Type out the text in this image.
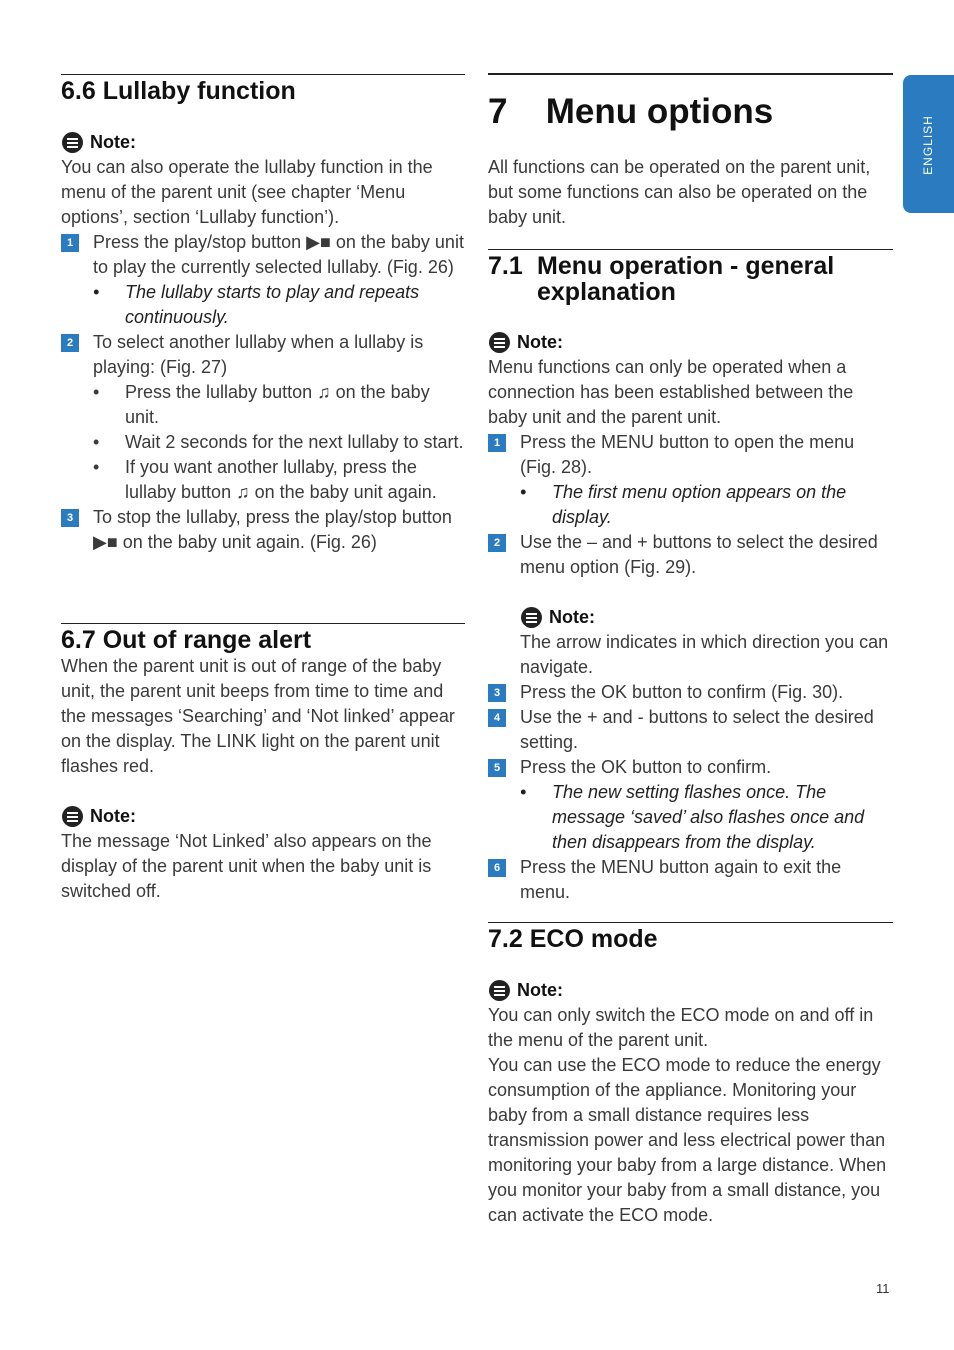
6.6 Lullaby function
Note:

You can also operate the lullaby function in the menu of the parent unit (see chapter ‘Menu options’, section ‘Lullaby function’).

1	Press the play/stop button ▶■ on the baby unit to play the currently selected lullaby. (Fig. 26)
• The lullaby starts to play and repeats continuously.
2	To select another lullaby when a lullaby is playing: (Fig. 27)
• Press the lullaby button ♫ on the baby unit.
• Wait 2 seconds for the next lullaby to start.
• If you want another lullaby, press the lullaby button ♫ on the baby unit again.
3	To stop the lullaby, press the play/stop button ▶■ on the baby unit again. (Fig. 26)
6.7 Out of range alert

When the parent unit is out of range of the baby unit, the parent unit beeps from time to time and the messages ‘Searching’ and ‘Not linked’ appear on the display. The LINK light on the parent unit flashes red.

Note:

The message ‘Not Linked’ also appears on the display of the parent unit when the baby unit is switched off.

7 Menu options

All functions can be operated on the parent unit, but some functions can also be operated on the baby unit.

7.1 Menu operation - general explanation
Note:

Menu functions can only be operated when a connection has been established between the baby unit and the parent unit.

1	Press the MENU button to open the menu (Fig. 28).
• The first menu option appears on the display.
2	Use the – and + buttons to select the desired menu option (Fig. 29).
Note:

The arrow indicates in which direction you can navigate.

3	Press the OK button to confirm (Fig. 30).
4	Use the + and - buttons to select the desired setting.
5	Press the OK button to confirm.
• The new setting flashes once. The message ‘saved’ also flashes once and then disappears from the display.
6	Press the MENU button again to exit the menu.
7.2 ECO mode
Note:

You can only switch the ECO mode on and off in the menu of the parent unit.

You can use the ECO mode to reduce the energy consumption of the appliance. Monitoring your baby from a small distance requires less transmission power and less electrical power than monitoring your baby from a large distance. When you monitor your baby from a small distance, you can activate the ECO mode.

ENGLISH
11
